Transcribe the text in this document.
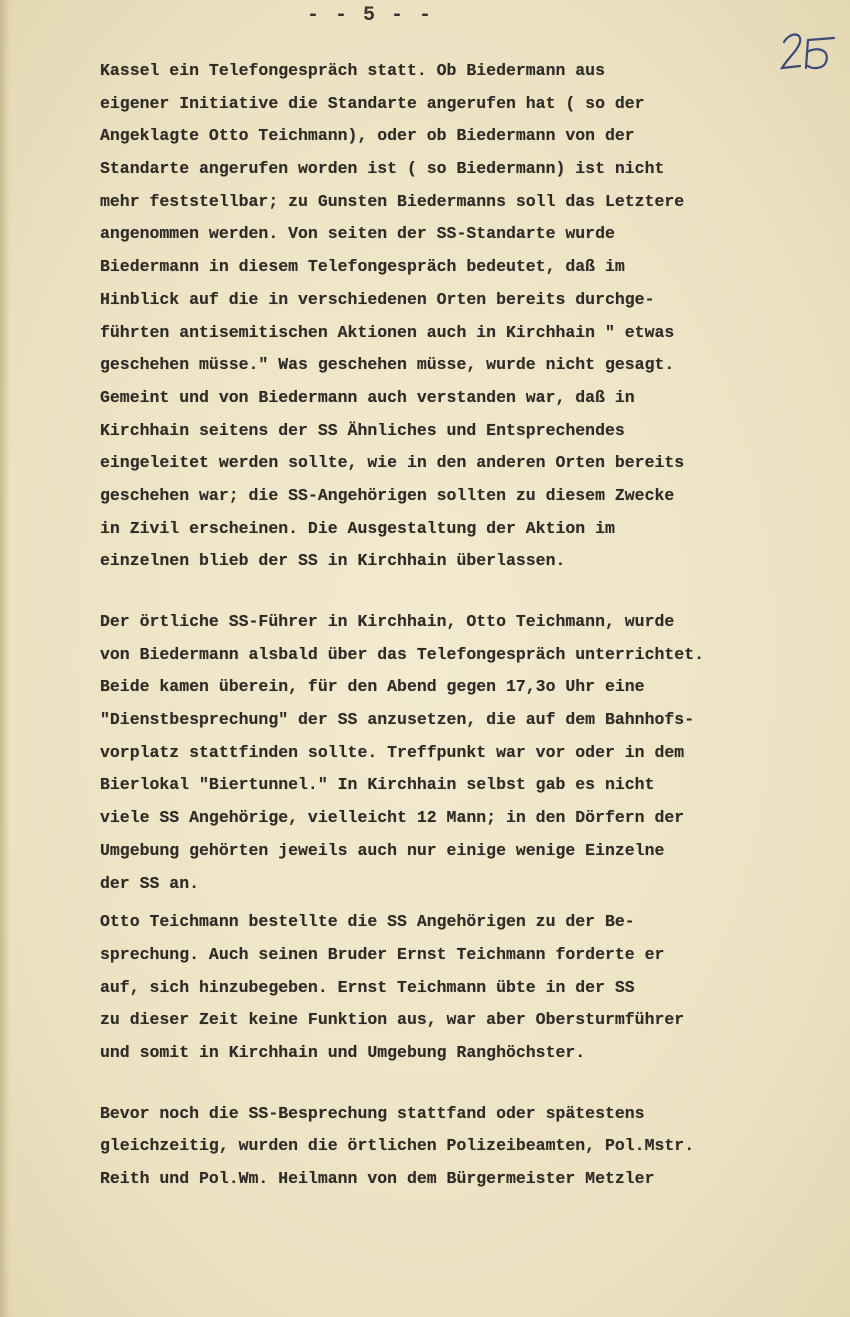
- - 5 - -
Kassel ein Telefongespräch statt. Ob Biedermann aus
eigener Initiative die Standarte angerufen hat ( so der
Angeklagte Otto Teichmann), oder ob Biedermann von der
Standarte angerufen worden ist ( so Biedermann) ist nicht
mehr feststellbar; zu Gunsten Biedermanns soll das Letztere
angenommen werden. Von seiten der SS-Standarte wurde
Biedermann in diesem Telefongespräch bedeutet, daß im
Hinblick auf die in verschiedenen Orten bereits durchge-
führten antisemitischen Aktionen auch in Kirchhain " etwas
geschehen müsse." Was geschehen müsse, wurde nicht gesagt.
Gemeint und von Biedermann auch verstanden war, daß in
Kirchhain seitens der SS Ähnliches und Entsprechendes
eingeleitet werden sollte, wie in den anderen Orten bereits
geschehen war; die SS-Angehörigen sollten zu diesem Zwecke
in Zivil erscheinen. Die Ausgestaltung der Aktion im
einzelnen blieb der SS in Kirchhain überlassen.
Der örtliche SS-Führer in Kirchhain, Otto Teichmann, wurde
von Biedermann alsbald über das Telefongespräch unterrichtet.
Beide kamen überein, für den Abend gegen 17,3o Uhr eine
"Dienstbesprechung" der SS anzusetzen, die auf dem Bahnhofs-
vorplatz stattfinden sollte. Treffpunkt war vor oder in dem
Bierlokal "Biertunnel." In Kirchhain selbst gab es nicht
viele SS Angehörige, vielleicht 12 Mann; in den Dörfern der
Umgebung gehörten jeweils auch nur einige wenige Einzelne
der SS an.
Otto Teichmann bestellte die SS Angehörigen zu der Be-
sprechung. Auch seinen Bruder Ernst Teichmann forderte er
auf, sich hinzubegeben. Ernst Teichmann übte in der SS
zu dieser Zeit keine Funktion aus, war aber Obersturmführer
und somit in Kirchhain und Umgebung Ranghöchster.
Bevor noch die SS-Besprechung stattfand oder spätestens
gleichzeitig, wurden die örtlichen Polizeibeamten, Pol.Mstr.
Reith und Pol.Wm. Heilmann von dem Bürgermeister Metzler
